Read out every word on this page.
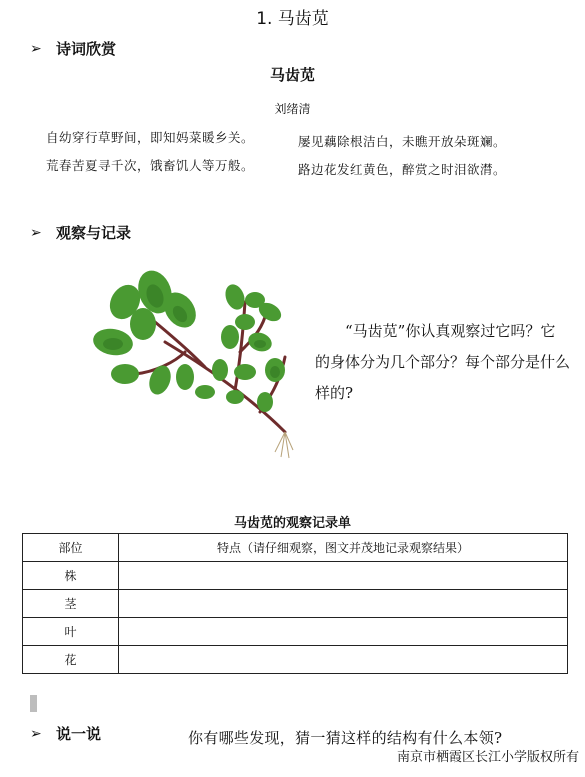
1. 马齿苋
➢ 诗词欣赏
马齿苋
刘绪清
自幼穿行草野间，即知妈菜暖乡关。	屡见藕除根洁白，未瞧开放朵斑斓。
荒春苦夏寻千次，饿畜饥人等万般。	路边花发红黄色，醉赏之时泪欲潸。
➢ 观察与记录
“马齿苋”你认真观察过它吗？它的身体分为几个部分？每个部分是什么样的?
马齿苋的观察记录单
部位	特点（请仔细观察，图文并茂地记录观察结果）
株	
茎	
叶	
花	
➢ 说一说	你有哪些发现，猜一猜这样的结构有什么本领?
南京市栖霞区长江小学版权所有
